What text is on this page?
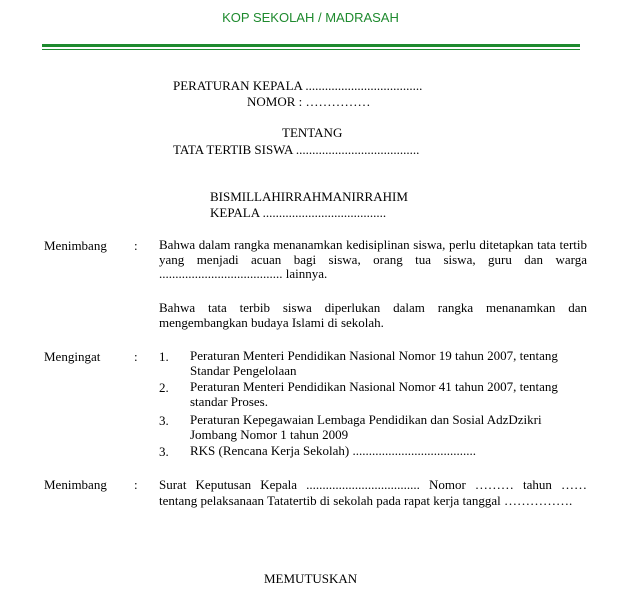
KOP SEKOLAH / MADRASAH
PERATURAN KEPALA ....................................
NOMOR : ……………
TENTANG
TATA TERTIB SISWA ......................................
BISMILLAHIRRAHMANIRRAHIM
KEPALA ......................................
Menimbang : Bahwa dalam rangka menanamkan kedisiplinan siswa, perlu ditetapkan tata tertib yang menjadi acuan bagi siswa, orang tua siswa, guru dan warga ...................................... lainnya.
Bahwa tata terbib siswa diperlukan dalam rangka menanamkan dan mengembangkan budaya Islami di sekolah.
Mengingat	: 1. Peraturan Menteri Pendidikan Nasional Nomor 19 tahun 2007, tentang Standar Pengelolaan
2. Peraturan Menteri Pendidikan Nasional Nomor 41 tahun 2007, tentang standar Proses.
3. Peraturan Kepegawaian Lembaga Pendidikan dan Sosial AdzDzikri Jombang Nomor 1 tahun 2009
3. RKS (Rencana Kerja Sekolah) ......................................
Menimbang : Surat Keputusan Kepala ................................... Nomor ……… tahun …… tentang pelaksanaan Tatatertib di sekolah pada rapat kerja tanggal …………….
MEMUTUSKAN
